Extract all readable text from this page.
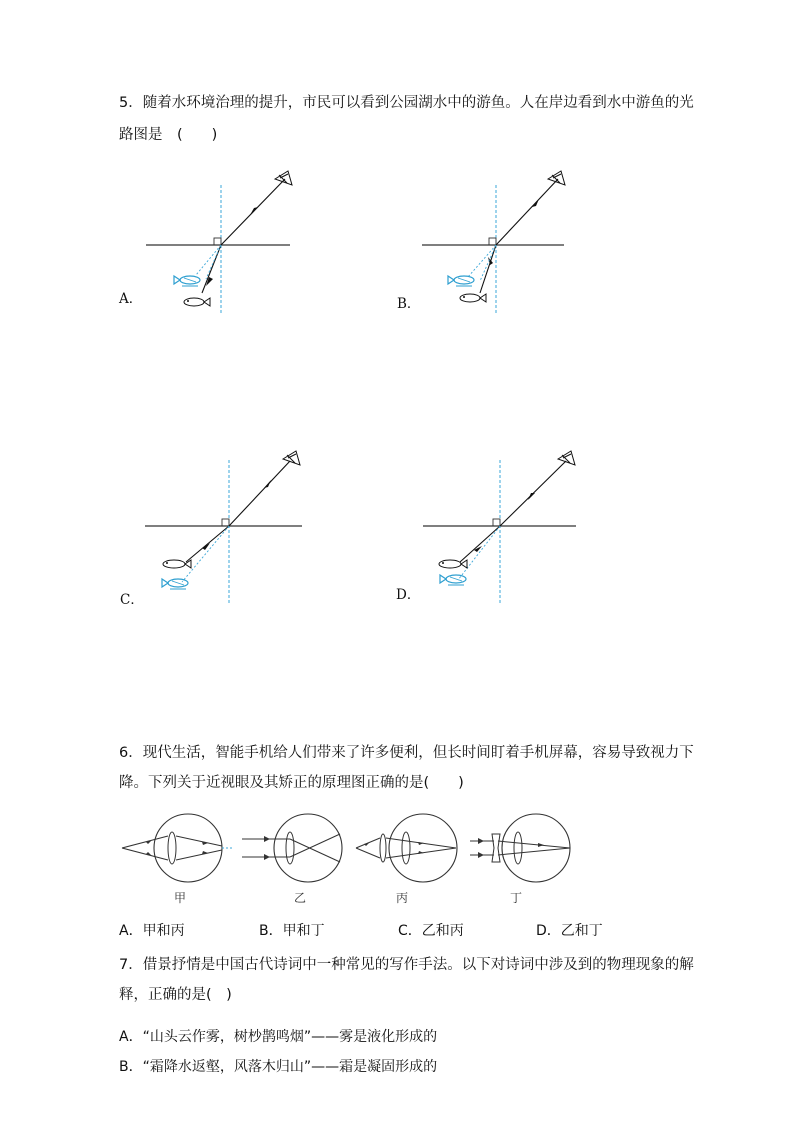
5．随着水环境治理的提升，市民可以看到公园湖水中的游鱼。人在岸边看到水中游鱼的光
路图是　(　　)
A．	B．
C．	D．
6．现代生活，智能手机给人们带来了许多便利，但长时间盯着手机屏幕，容易导致视力下
降。下列关于近视眼及其矫正的原理图正确的是(　　)
甲	乙	丙	丁
A．甲和丙	B．甲和丁	C．乙和丙	D．乙和丁
7．借景抒情是中国古代诗词中一种常见的写作手法。以下对诗词中涉及到的物理现象的解
释，正确的是(　)
A．“山头云作雾，树杪鹊鸣烟”——雾是液化形成的
B．“霜降水返壑，风落木归山”——霜是凝固形成的
